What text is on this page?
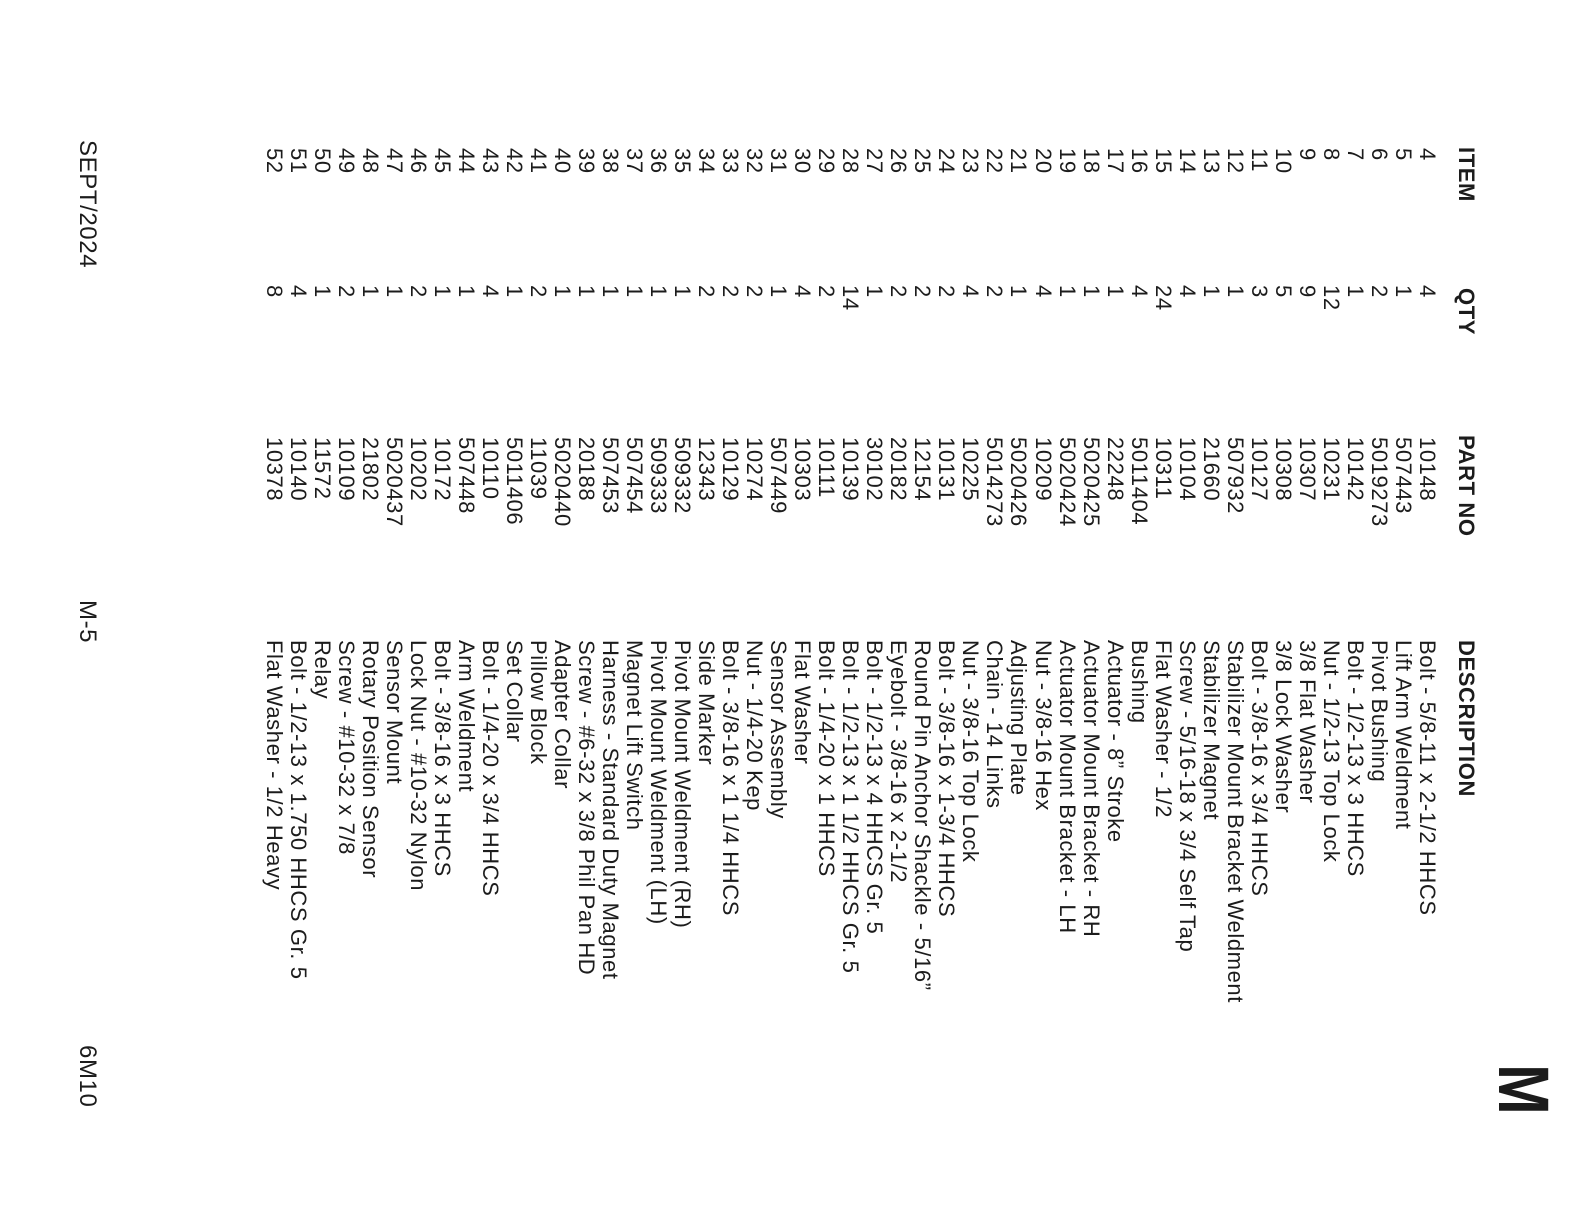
ITEM
QTY
PART NO
DESCRIPTION
4
4
10148
Bolt - 5/8-11 x 2-1/2 HHCS
5
1
507443
Lift Arm Weldment
6
2
5019273
Pivot Bushing
7
1
10142
Bolt - 1/2-13 x 3 HHCS
8
12
10231
Nut - 1/2-13 Top Lock
9
9
10307
3/8 Flat Washer
10
5
10308
3/8 Lock Washer
11
3
10127
Bolt - 3/8-16 x 3/4 HHCS
12
1
507932
Stabilizer Mount Bracket Weldment
13
1
21660
Stabilizer Magnet
14
4
10104
Screw - 5/16-18 x 3/4 Self Tap
15
24
10311
Flat Washer - 1/2
16
4
5011404
Bushing
17
1
22248
Actuator - 8” Stroke
18
1
5020425
Actuator Mount Bracket - RH
19
1
5020424
Actuator Mount Bracket - LH
20
4
10209
Nut - 3/8-16 Hex
21
1
5020426
Adjusting Plate
22
2
5014273
Chain - 14 Links
23
4
10225
Nut - 3/8-16 Top Lock
24
2
10131
Bolt - 3/8-16 x 1-3/4 HHCS
25
2
12154
Round Pin Anchor Shackle - 5/16”
26
2
20182
Eyebolt - 3/8-16 x 2-1/2
27
1
30102
Bolt - 1/2-13 x 4 HHCS Gr. 5
28
14
10139
Bolt - 1/2-13 x 1 1/2 HHCS Gr. 5
29
2
10111
Bolt - 1/4-20 x 1 HHCS
30
4
10303
Flat Washer
31
1
507449
Sensor Assembly
32
2
10274
Nut - 1/4-20 Kep
33
2
10129
Bolt - 3/8-16 x 1 1/4 HHCS
34
2
12343
Side Marker
35
1
509332
Pivot Mount Weldment (RH)
36
1
509333
Pivot Mount Weldment (LH)
37
1
507454
Magnet Lift Switch
38
1
507453
Harness - Standard Duty Magnet
39
1
20188
Screw - #6-32 x 3/8 Phil Pan HD
40
1
5020440
Adapter Collar
41
2
11039
Pillow Block
42
1
5011406
Set Collar
43
4
10110
Bolt - 1/4-20 x 3/4 HHCS
44
1
507448
Arm Weldment
45
1
10172
Bolt - 3/8-16 x 3 HHCS
46
2
10202
Lock Nut - #10-32 Nylon
47
1
5020437
Sensor Mount
48
1
21802
Rotary Position Sensor
49
2
10109
Screw - #10-32 x 7/8
50
1
11572
Relay
51
4
10140
Bolt - 1/2-13 x 1.750 HHCS Gr. 5
52
8
10378
Flat Washer - 1/2 Heavy
SEPT/2024
M-5
6M10	M
